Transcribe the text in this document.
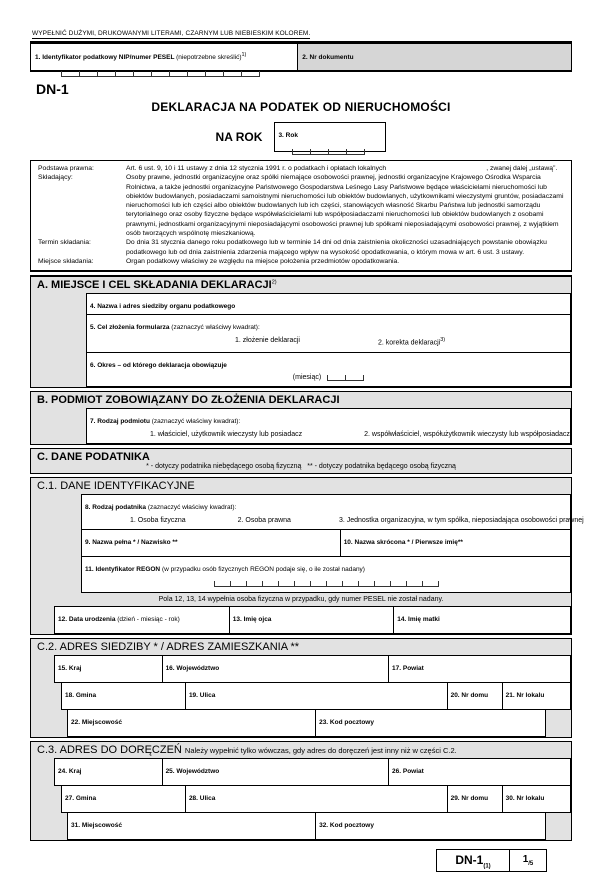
WYPEŁNIĆ DUŻYMI, DRUKOWANYMI LITERAMI, CZARNYM LUB NIEBIESKIM KOLOREM.
1. Identyfikator podatkowy NIP/numer PESEL (niepotrzebne skreślić)$^{1)}$	2. Nr dokumentu
DN-1
DEKLARACJA NA PODATEK OD NIERUCHOMOŚCI
NA ROK	3. Rok

Podstawa prawna:	Art. 6 ust. 9, 10 i 11 ustawy z dnia 12 stycznia 1991 r. o podatkach i opłatach lokalnych	, zwanej dalej „ustawą”.
Składający:	Osoby prawne, jednostki organizacyjne oraz spółki niemające osobowości prawnej, jednostki organizacyjne Krajowego Ośrodka Wsparcia Rolnictwa, a także jednostki organizacyjne Państwowego Gospodarstwa Leśnego Lasy Państwowe będące właścicielami nieruchomości lub obiektów budowlanych, posiadaczami samoistnymi nieruchomości lub obiektów budowlanych, użytkownikami wieczystymi gruntów, posiadaczami nieruchomości lub ich części albo obiektów budowlanych lub ich części, stanowiących własność Skarbu Państwa lub jednostki samorządu terytorialnego oraz osoby fizyczne będące współwłaścicielami lub współposiadaczami nieruchomości lub obiektów budowlanych z osobami prawnymi, jednostkami organizacyjnymi nieposiadającymi osobowości prawnej lub spółkami nieposiadającymi osobowości prawnej, z wyjątkiem osób tworzących wspólnotę mieszkaniową.
Termin składania:	Do dnia 31 stycznia danego roku podatkowego lub w terminie 14 dni od dnia zaistnienia okoliczności uzasadniających powstanie obowiązku podatkowego lub od dnia zaistnienia zdarzenia mającego wpływ na wysokość opodatkowania, o którym mowa w art. 6 ust. 3 ustawy.
Miejsce składania:	Organ podatkowy właściwy ze względu na miejsce położenia przedmiotów opodatkowania.
A. MIEJSCE I CEL SKŁADANIA DEKLARACJI$^{2)}$
4. Nazwa i adres siedziby organu podatkowego
5. Cel złożenia formularza (zaznaczyć właściwy kwadrat):
1. złożenie deklaracji	2. korekta deklaracji$^{3)}$
6. Okres – od którego deklaracja obowiązuje
(miesiąc)
B. PODMIOT ZOBOWIĄZANY DO ZŁOŻENIA DEKLARACJI
7. Rodzaj podmiotu (zaznaczyć właściwy kwadrat):
1. właściciel, użytkownik wieczysty lub posiadacz	2. współwłaściciel, współużytkownik wieczysty lub współposiadacz
C. DANE PODATNIKA
* - dotyczy podatnika niebędącego osobą fizyczną   ** - dotyczy podatnika będącego osobą fizyczną
C.1. DANE IDENTYFIKACYJNE
8. Rodzaj podatnika (zaznaczyć właściwy kwadrat):
1. Osoba fizyczna	2. Osoba prawna	3. Jednostka organizacyjna, w tym spółka, nieposiadająca osobowości prawnej
9. Nazwa pełna * / Nazwisko **	10. Nazwa skrócona * / Pierwsze imię**
11. Identyfikator REGON (w przypadku osób fizycznych REGON podaje się, o ile został nadany)
Pola 12, 13, 14 wypełnia osoba fizyczna w przypadku, gdy numer PESEL nie został nadany.
12. Data urodzenia (dzień - miesiąc - rok)	13. Imię ojca	14. Imię matki
C.2. ADRES SIEDZIBY * / ADRES ZAMIESZKANIA **
15. Kraj	16. Województwo	17. Powiat
18. Gmina	19. Ulica	20. Nr domu	21. Nr lokalu
22. Miejscowość	23. Kod pocztowy
C.3. ADRES DO DORĘCZEŃ Należy wypełnić tylko wówczas, gdy adres do doręczeń jest inny niż w części C.2.
24. Kraj	25. Województwo	26. Powiat
27. Gmina	28. Ulica	29. Nr domu	30. Nr lokalu
31. Miejscowość	32. Kod pocztowy
$DN-1_{(1)}$
$1_{/5}$
